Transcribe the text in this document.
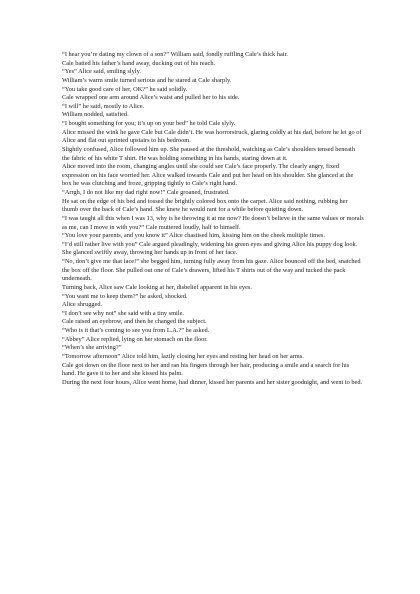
“I hear you’re dating my clown of a son?” William said, fondly ruffling Cale’s thick hair.

Cale batted his father’s hand away, ducking out of his reach.

“Yes” Alice said, smiling slyly.

William’s warm smile turned serious and he stared at Cale sharply.

“You take good care of her, OK?” he said solidly.

Cale wrapped one arm around Alice’s waist and pulled her to his side.

“I will” he said, mostly to Alice.

William nodded, satisfied.

“I bought something for you; it’s up on your bed” he told Cale slyly.

Alice missed the wink he gave Cale but Cale didn’t. He was horrorstruck, glaring coldly at his dad, before he let go of Alice and flat out sprinted upstairs to his bedroom.

Slightly confused, Alice followed him up. She paused at the threshold, watching as Cale’s shoulders tensed beneath the fabric of his white T shirt. He was holding something in his hands, staring down at it.

Alice moved into the room, changing angles until she could see Cale’s face properly. The clearly angry, fixed expression on his face worried her. Alice walked towards Cale and put her head on his shoulder. She glanced at the box he was clutching and froze, gripping tightly to Cale’s right hand.

“Arrgh, I do not like my dad right now!” Cale groaned, frustrated.

He sat on the edge of his bed and tossed the brightly colored box onto the carpet. Alice said nothing, rubbing her thumb over the back of Cale’s hand. She knew he would rant for a while before quieting down.

“I was taught all this when I was 13, why is he throwing it at me now? He doesn’t believe in the same values or morals as me, can I move in with you?” Cale muttered loudly, half to himself.

“You love your parents, and you know it” Alice chastised him, kissing him on the cheek multiple times.

“I’d still rather live with you” Cale argued pleadingly, widening his green eyes and giving Alice his puppy dog look.

She glanced swiftly away, throwing her hands up in front of her face.

“No, don’t give me that face!” she begged him, turning fully away from his gaze. Alice bounced off the bed, snatched the box off the floor. She pulled out one of Cale’s drawers, lifted his T shirts out of the way and tucked the pack underneath.

Turning back, Alice saw Cale looking at her, disbelief apparent in his eyes.

“You want me to keep them?” he asked, shocked.

Alice shrugged.

“I don’t see why not” she said with a tiny smile.

Cale raised an eyebrow, and then he changed the subject.

“Who is it that’s coming to see you from L.A.?” he asked.

“Abbey” Alice replied, lying on her stomach on the floor.

“When’s she arriving?”

“Tomorrow afternoon” Alice told him, lazily closing her eyes and resting her head on her arms.

Cale got down on the floor next to her and ran his fingers through her hair, producing a smile and a search for his hand. He gave it to her and she kissed his palm.

During the next four hours, Alice went home, had dinner, kissed her parents and her sister goodnight, and went to bed.
